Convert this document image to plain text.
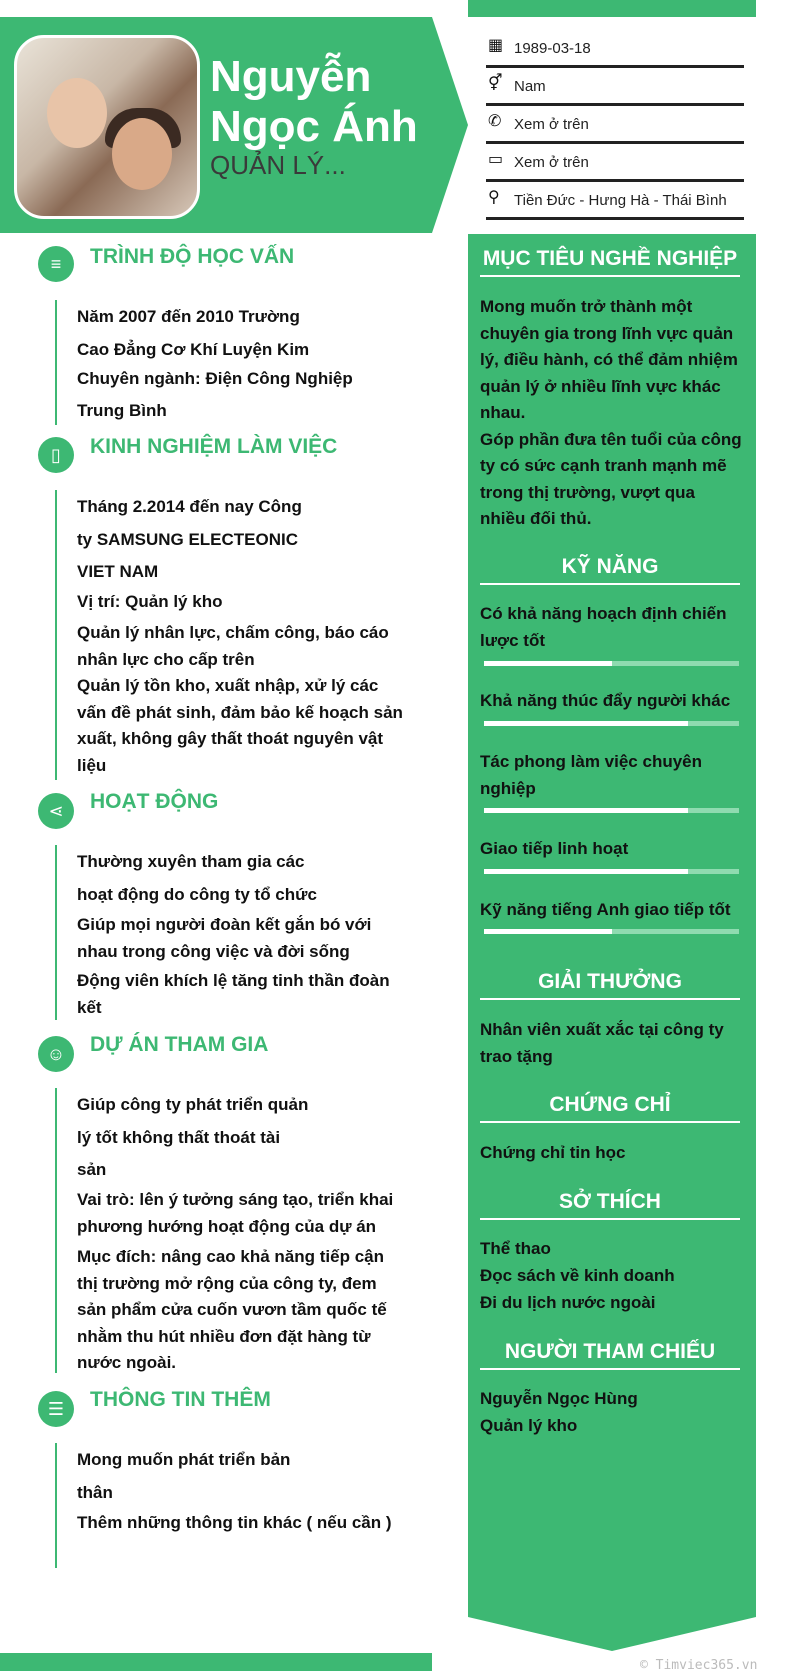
Nguyễn Ngọc Ánh
QUẢN LÝ...
▦ 1989-03-18
⚥ Nam
✆ Xem ở trên
▭ Xem ở trên
⚲ Tiền Đức - Hưng Hà - Thái Bình
MỤC TIÊU NGHỀ NGHIỆP
Mong muốn trở thành một chuyên gia trong lĩnh vực quản lý, điều hành, có thể đảm nhiệm quản lý ở nhiều lĩnh vực khác nhau.
Góp phần đưa tên tuổi của công ty có sức cạnh tranh mạnh mẽ trong thị trường, vượt qua nhiều đối thủ.
KỸ NĂNG
Có khả năng hoạch định chiến lược tốt
Khả năng thúc đẩy người khác
Tác phong làm việc chuyên nghiệp
Giao tiếp linh hoạt
Kỹ năng tiếng Anh giao tiếp tốt
GIẢI THƯỞNG
Nhân viên xuất xắc tại công ty trao tặng
CHỨNG CHỈ
Chứng chỉ tin học
SỞ THÍCH
Thể thao
Đọc sách về kinh doanh
Đi du lịch nước ngoài
NGƯỜI THAM CHIẾU
Nguyễn Ngọc Hùng
Quản lý kho
≡	TRÌNH ĐỘ HỌC VẤN
Năm 2007 đến 2010 Trường
Cao Đẳng Cơ Khí Luyện Kim
Chuyên ngành: Điện Công Nghiệp
Trung Bình
▯	KINH NGHIỆM LÀM VIỆC
Tháng 2.2014 đến nay Công
ty SAMSUNG ELECTEONIC
VIET NAM
Vị trí: Quản lý kho
Quản lý nhân lực, chấm công, báo cáo nhân lực cho cấp trên
Quản lý tồn kho, xuất nhập, xử lý các vấn đề phát sinh, đảm bảo kế hoạch sản xuất, không gây thất thoát nguyên vật liệu
⋖	HOẠT ĐỘNG
Thường xuyên tham gia các
hoạt động do công ty tổ chức
Giúp mọi người đoàn kết gắn bó với nhau trong công việc và đời sống
Động viên khích lệ tăng tinh thần đoàn kết
☺	DỰ ÁN THAM GIA
Giúp công ty phát triển quản
lý tốt không thất thoát tài
sản
Vai trò: lên ý tưởng sáng tạo, triển khai phương hướng hoạt động của dự án
Mục đích: nâng cao khả năng tiếp cận thị trường mở rộng của công ty, đem sản phẩm cửa cuốn vươn tầm quốc tế nhằm thu hút nhiều đơn đặt hàng từ nước ngoài.
☰	THÔNG TIN THÊM
Mong muốn phát triển bản
thân
Thêm những thông tin khác ( nếu cần )
© Timviec365.vn
